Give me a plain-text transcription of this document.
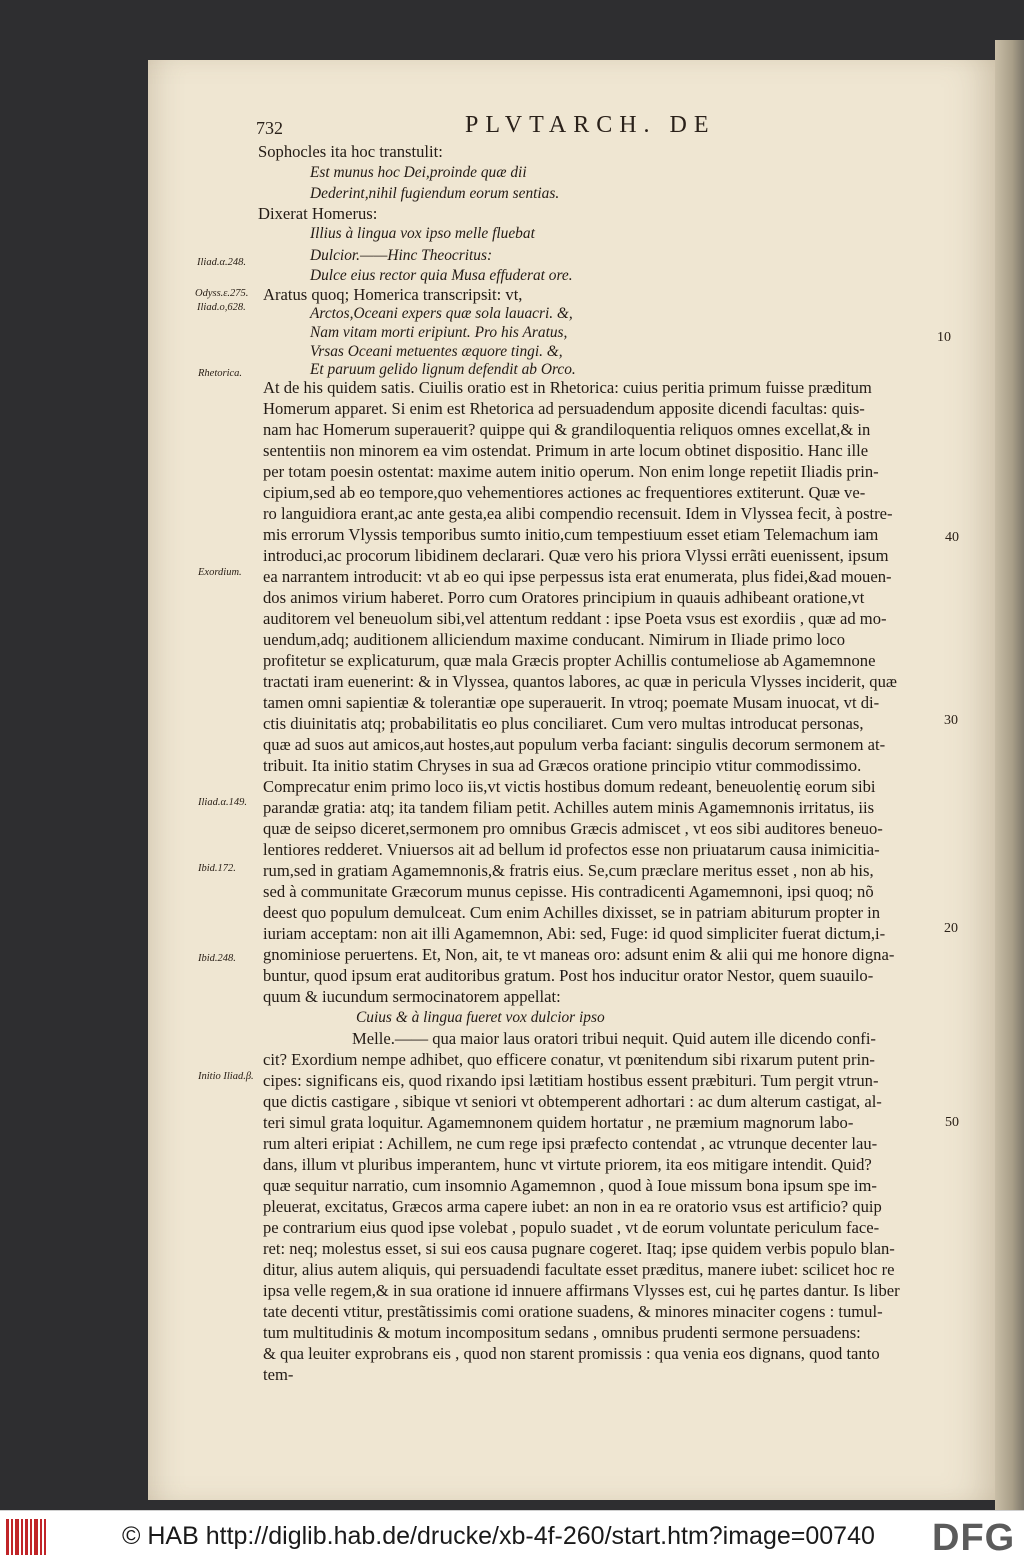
732	PLVTARCH. DE
Sophocles ita hoc transtulit:
Est munus hoc Dei,proinde quæ dii
Dederint,nihil fugiendum eorum sentias.
Dixerat Homerus:
Illius à lingua vox ipso melle fluebat
Dulcior.——Hinc Theocritus:
Dulce eius rector quia Musa effuderat ore.
Aratus quoq; Homerica transcripsit: vt,
Arctos,Oceani expers quæ sola lauacri. &,
Nam vitam morti eripiunt. Pro his Aratus,
Vrsas Oceani metuentes æquore tingi. &,
Et paruum gelido lignum defendit ab Orco.
At de his quidem satis. Ciuilis oratio est in Rhetorica: cuius peritia primum fuisse præditum
Homerum apparet. Si enim est Rhetorica ad persuadendum apposite dicendi facultas: quis-
nam hac Homerum superauerit? quippe qui & grandiloquentia reliquos omnes excellat,& in
sententiis non minorem ea vim ostendat. Primum in arte locum obtinet dispositio. Hanc ille
per totam poesin ostentat: maxime autem initio operum. Non enim longe repetiit Iliadis prin-
cipium,sed ab eo tempore,quo vehementiores actiones ac frequentiores extiterunt. Quæ ve-
ro languidiora erant,ac ante gesta,ea alibi compendio recensuit. Idem in Vlyssea fecit, à postre-
mis errorum Vlyssis temporibus sumto initio,cum tempestiuum esset etiam Telemachum iam
introduci,ac procorum libidinem declarari. Quæ vero his priora Vlyssi errãti euenissent, ipsum
ea narrantem introducit: vt ab eo qui ipse perpessus ista erat enumerata, plus fidei,&ad mouen-
dos animos virium haberet. Porro cum Oratores principium in quauis adhibeant oratione,vt
auditorem vel beneuolum sibi,vel attentum reddant : ipse Poeta vsus est exordiis , quæ ad mo-
uendum,adq; auditionem alliciendum maxime conducant. Nimirum in Iliade primo loco
profitetur se explicaturum, quæ mala Græcis propter Achillis contumeliose ab Agamemnone
tractati iram euenerint: & in Vlyssea, quantos labores, ac quæ in pericula Vlysses inciderit, quæ
tamen omni sapientiæ & tolerantiæ ope superauerit. In vtroq; poemate Musam inuocat, vt di-
ctis diuinitatis atq; probabilitatis eo plus conciliaret. Cum vero multas introducat personas,
quæ ad suos aut amicos,aut hostes,aut populum verba faciant: singulis decorum sermonem at-
tribuit. Ita initio statim Chryses in sua ad Græcos oratione principio vtitur commodissimo.
Comprecatur enim primo loco iis,vt victis hostibus domum redeant, beneuolentię eorum sibi
parandæ gratia: atq; ita tandem filiam petit. Achilles autem minis Agamemnonis irritatus, iis
quæ de seipso diceret,sermonem pro omnibus Græcis admiscet , vt eos sibi auditores beneuo-
lentiores redderet. Vniuersos ait ad bellum id profectos esse non priuatarum causa inimicitia-
rum,sed in gratiam Agamemnonis,& fratris eius. Se,cum præclare meritus esset , non ab his,
sed à communitate Græcorum munus cepisse. His contradicenti Agamemnoni, ipsi quoq; nõ
deest quo populum demulceat. Cum enim Achilles dixisset, se in patriam abiturum propter in
iuriam acceptam: non ait illi Agamemnon, Abi: sed, Fuge: id quod simpliciter fuerat dictum,i-
gnominiose peruertens. Et, Non, ait, te vt maneas oro: adsunt enim & alii qui me honore digna-
buntur, quod ipsum erat auditoribus gratum. Post hos inducitur orator Nestor, quem suauilo-
quum & iucundum sermocinatorem appellat:
Cuius & à lingua fueret vox dulcior ipso
Melle.—— qua maior laus oratori tribui nequit. Quid autem ille dicendo confi-
cit? Exordium nempe adhibet, quo efficere conatur, vt pœnitendum sibi rixarum putent prin-
cipes: significans eis, quod rixando ipsi lætitiam hostibus essent præbituri. Tum pergit vtrun-
que dictis castigare , sibique vt seniori vt obtemperent adhortari : ac dum alterum castigat, al-
teri simul grata loquitur. Agamemnonem quidem hortatur , ne præmium magnorum labo-
rum alteri eripiat : Achillem, ne cum rege ipsi præfecto contendat , ac vtrunque decenter lau-
dans, illum vt pluribus imperantem, hunc vt virtute priorem, ita eos mitigare intendit. Quid?
quæ sequitur narratio, cum insomnio Agamemnon , quod à Ioue missum bona ipsum spe im-
pleuerat, excitatus, Græcos arma capere iubet: an non in ea re oratorio vsus est artificio? quip
pe contrarium eius quod ipse volebat , populo suadet , vt de eorum voluntate periculum face-
ret: neq; molestus esset, si sui eos causa pugnare cogeret. Itaq; ipse quidem verbis populo blan-
ditur, alius autem aliquis, qui persuadendi facultate esset præditus, manere iubet: scilicet hoc re
ipsa velle regem,& in sua oratione id innuere affirmans Vlysses est, cui hę partes dantur. Is liber
tate decenti vtitur, prestãtissimis comi oratione suadens, & minores minaciter cogens : tumul-
tum multitudinis & motum incompositum sedans , omnibus prudenti sermone persuadens:
& qua leuiter exprobrans eis , quod non starent promissis : qua venia eos dignans, quod tanto
tem-
Iliad.α.248.
Odyss.ε.275.
Iliad.ο,628.
Rhetorica.
Exordium.
Iliad.α.149.
Ibid.172.
Ibid.248.
Initio Iliad.β.
10
40
30
20
50
© HAB http://diglib.hab.de/drucke/xb-4f-260/start.htm?image=00740 DFG
